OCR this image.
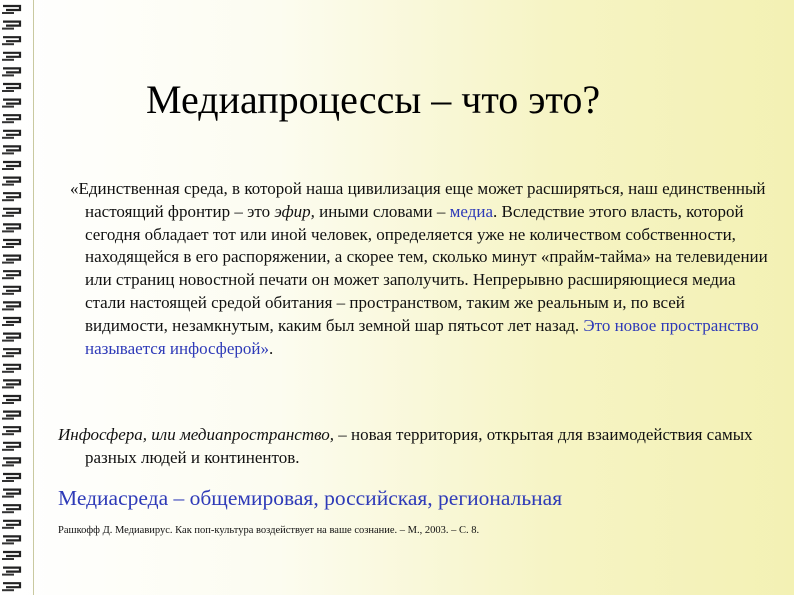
Медиапроцессы – что это?
«Единственная среда, в которой наша цивилизация еще может расширяться, наш единственный настоящий фронтир – это эфир, иными словами – медиа. Вследствие этого власть, которой сегодня обладает тот или иной человек, определяется уже не количеством собственности, находящейся в его распоряжении, а скорее тем, сколько минут «прайм-тайма» на телевидении или страниц новостной печати он может заполучить. Непрерывно расширяющиеся медиа стали настоящей средой обитания – пространством, таким же реальным и, по всей видимости, незамкнутым, каким был земной шар пятьсот лет назад. Это новое пространство называется инфосферой».
Инфосфера, или медиапространство, – новая территория, открытая для взаимодействия самых разных людей и континентов.
Медиасреда – общемировая, российская, региональная
Рашкофф Д. Медиавирус. Как поп-культура воздействует на ваше сознание. – М., 2003. – С. 8.
